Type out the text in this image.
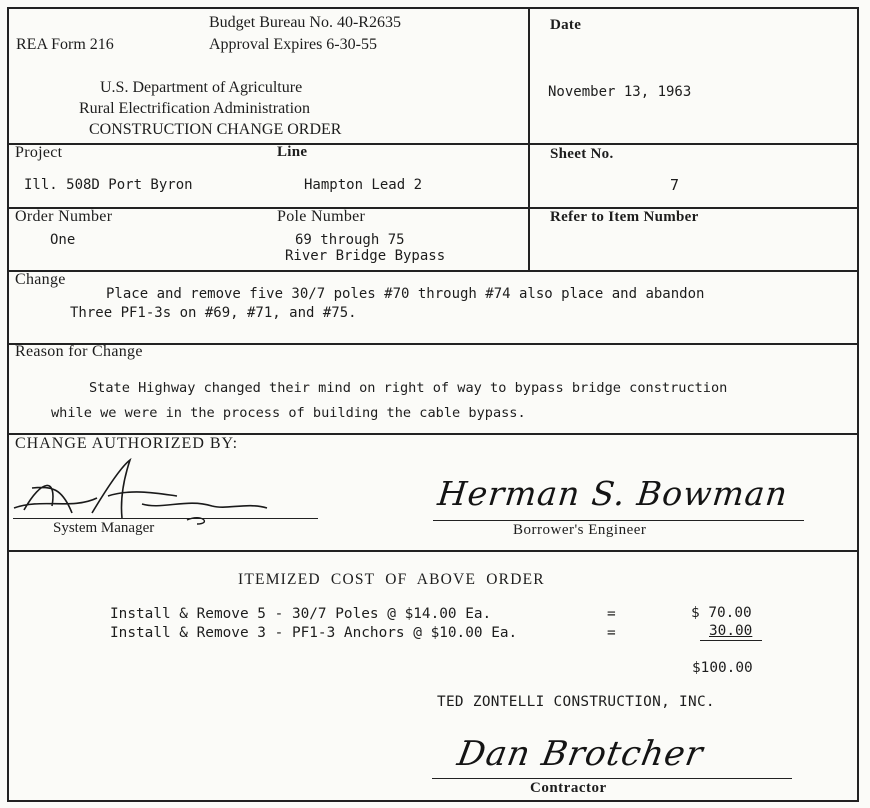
Budget Bureau No. 40-R2635
REA Form 216	Approval Expires 6-30-55
U.S. Department of Agriculture
Rural Electrification Administration
CONSTRUCTION CHANGE ORDER
Date
November 13, 1963
Project
Ill. 508D Port Byron
Line
Hampton Lead 2
Sheet No.
7
Order Number
One
Pole Number
69 through 75
River Bridge Bypass
Refer to Item Number
Change
Place and remove five 30/7 poles #70 through #74 also place and abandon
Three PF1-3s on #69, #71, and #75.
Reason for Change
State Highway changed their mind on right of way to bypass bridge construction
while we were in the process of building the cable bypass.
CHANGE AUTHORIZED BY:
System Manager
Herman S. Bowman
Borrower's Engineer
ITEMIZED  COST  OF  ABOVE  ORDER
Install & Remove 5 - 30/7 Poles @ $14.00 Ea.	=	$ 70.00
Install & Remove 3 - PF1-3 Anchors @ $10.00 Ea.	=	30.00
$100.00
TED ZONTELLI CONSTRUCTION, INC.
Dan Brotcher
Contractor
